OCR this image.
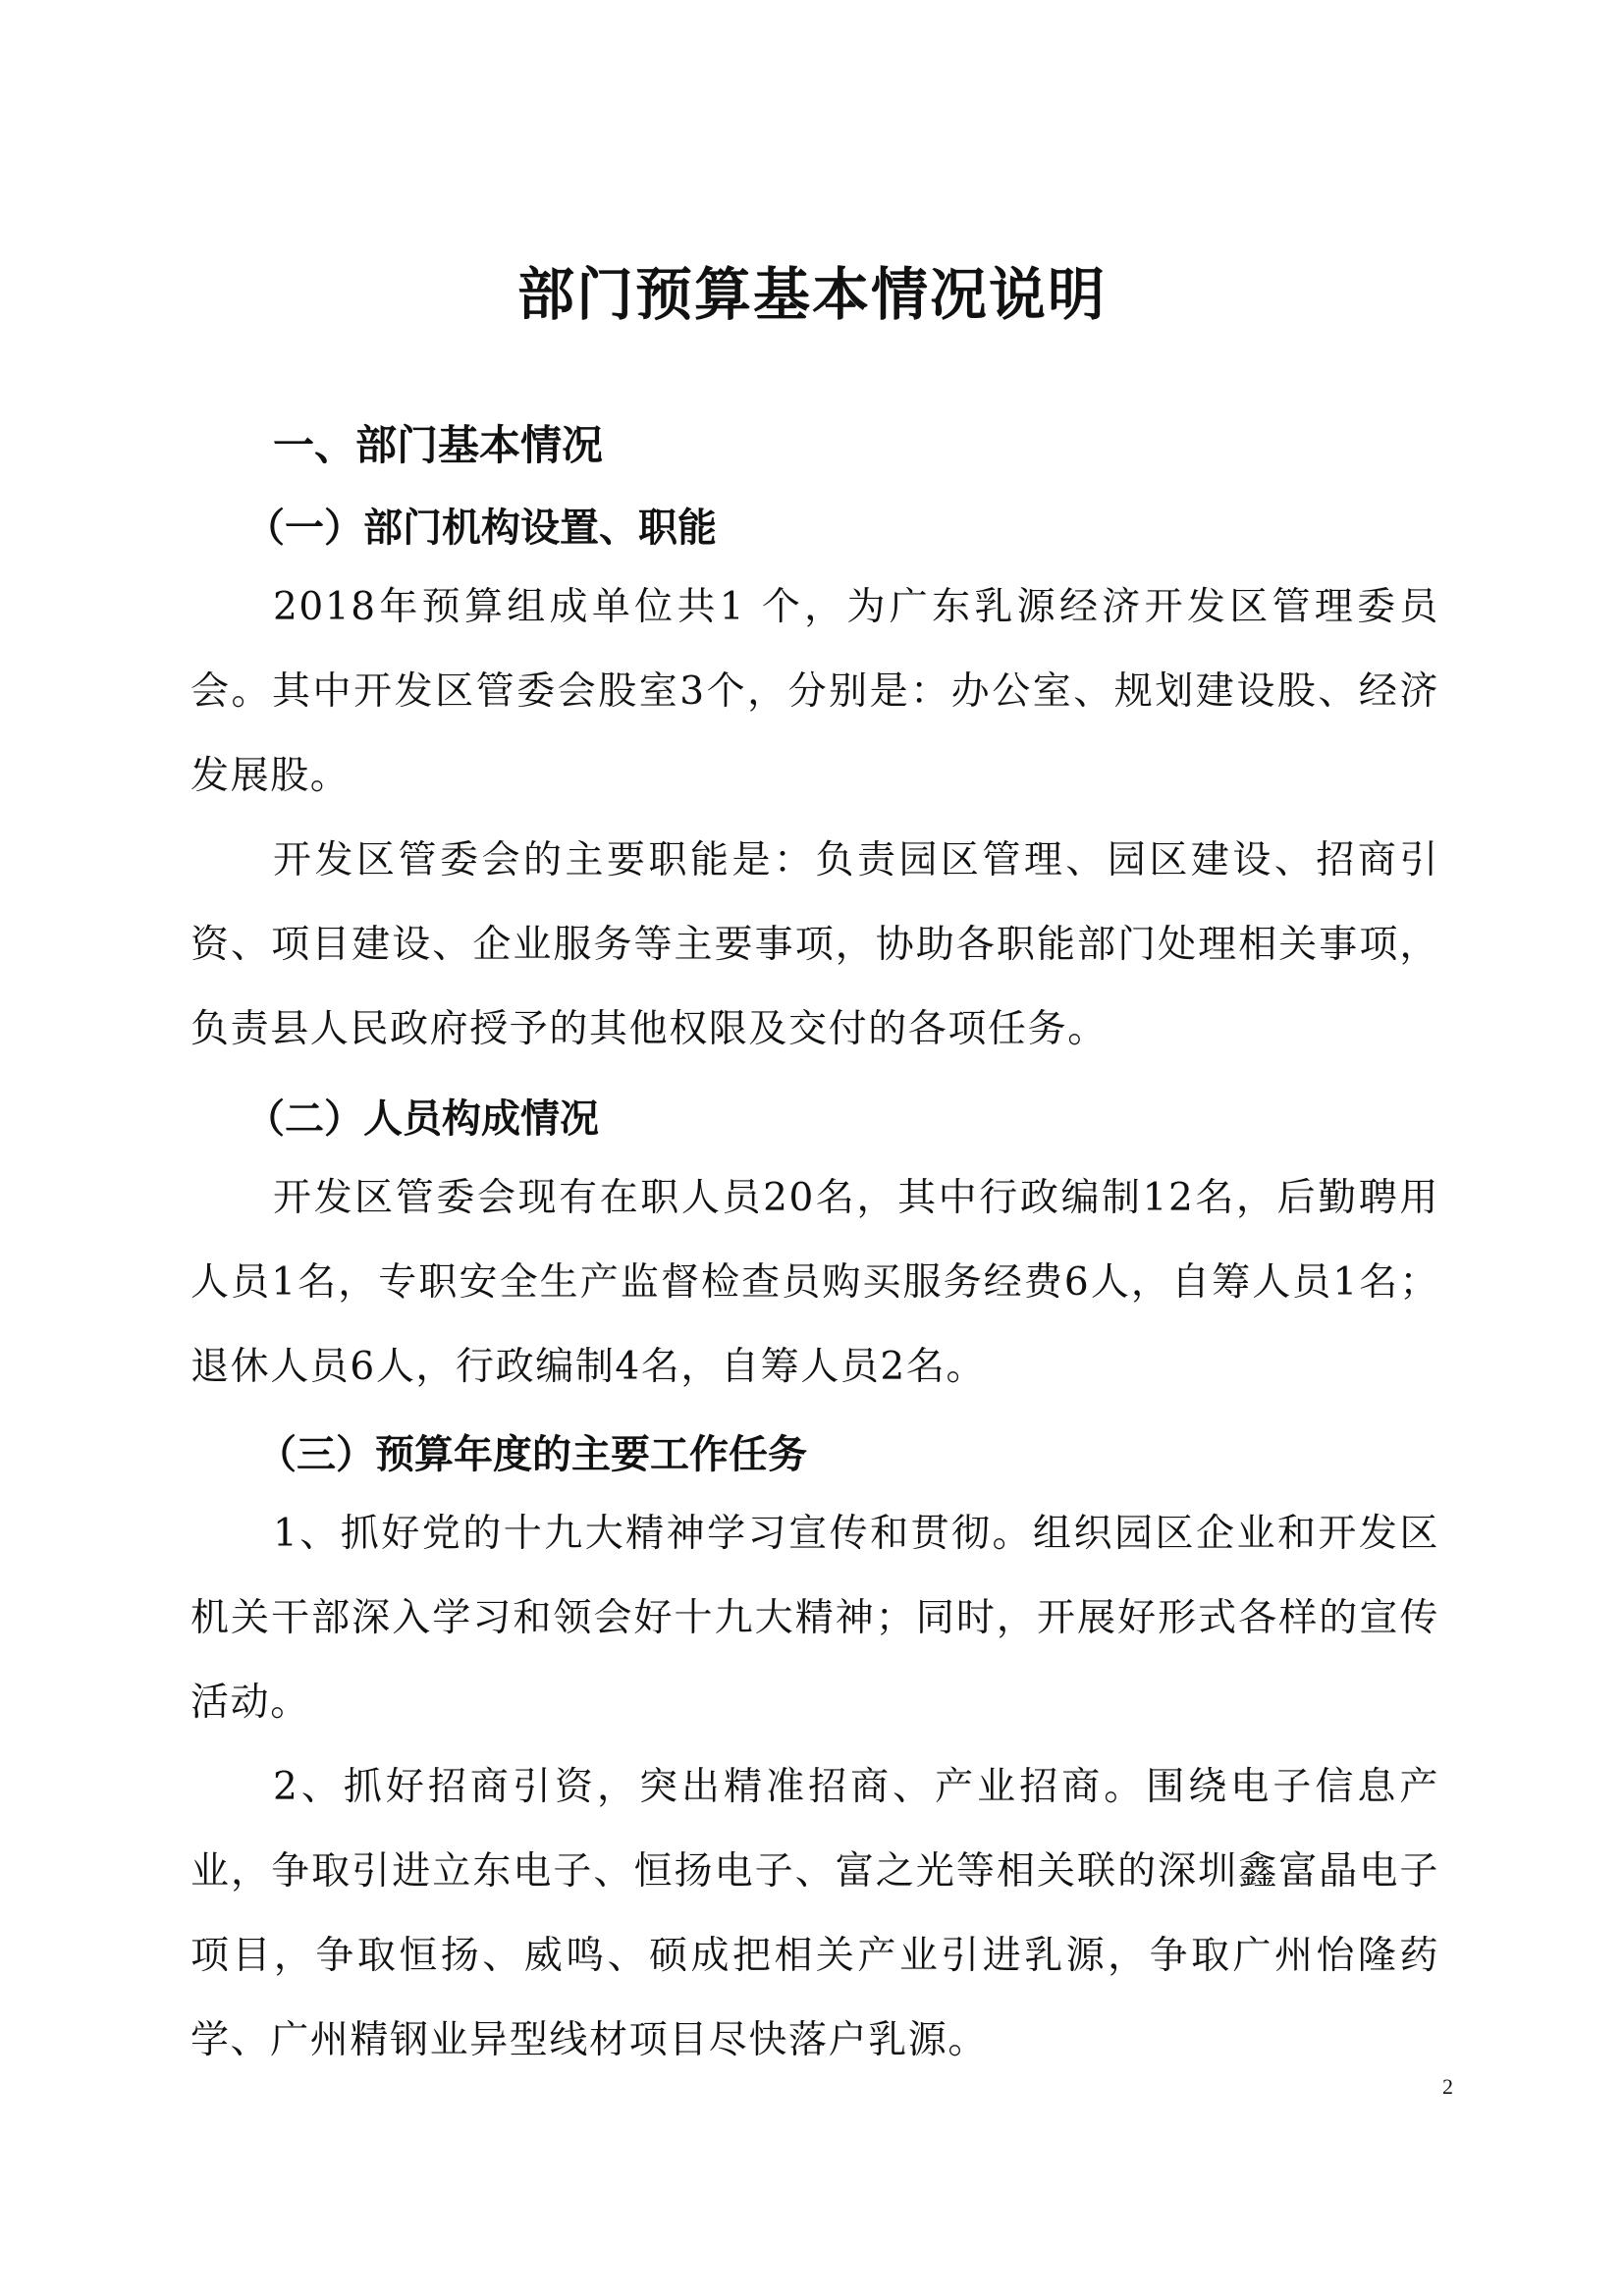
部门预算基本情况说明
一、部门基本情况
（一）部门机构设置、职能
2018年预算组成单位共1 个，为广东乳源经济开发区管理委员会。其中开发区管委会股室3个，分别是：办公室、规划建设股、经济发展股。
开发区管委会的主要职能是：负责园区管理、园区建设、招商引资、项目建设、企业服务等主要事项，协助各职能部门处理相关事项，负责县人民政府授予的其他权限及交付的各项任务。
（二）人员构成情况
开发区管委会现有在职人员20名，其中行政编制12名，后勤聘用人员1名，专职安全生产监督检查员购买服务经费6人，自筹人员1名；退休人员6人，行政编制4名，自筹人员2名。
（三）预算年度的主要工作任务
1、抓好党的十九大精神学习宣传和贯彻。组织园区企业和开发区机关干部深入学习和领会好十九大精神；同时，开展好形式各样的宣传活动。
2、抓好招商引资，突出精准招商、产业招商。围绕电子信息产业，争取引进立东电子、恒扬电子、富之光等相关联的深圳鑫富晶电子项目，争取恒扬、威鸣、硕成把相关产业引进乳源，争取广州怡隆药学、广州精钢业异型线材项目尽快落户乳源。
2
